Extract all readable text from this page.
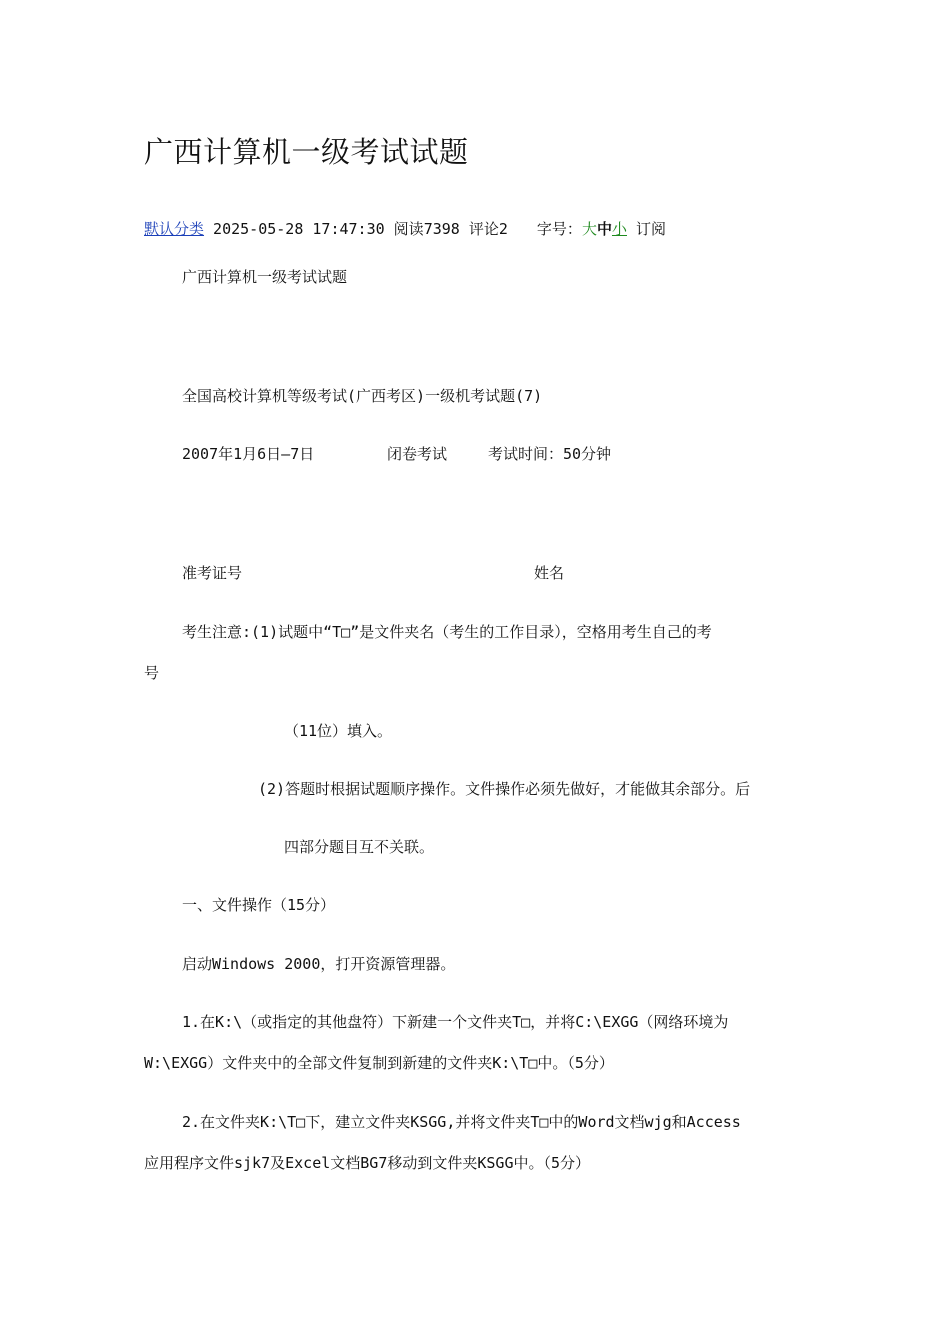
广西计算机一级考试试题
默认分类 2025-05-28 17:47:30 阅读7398 评论2 字号：大中小 订阅
广西计算机一级考试试题
全国高校计算机等级考试(广西考区)一级机考试题(7)
2007年1月6日—7日	闭卷考试	考试时间：50分钟
准考证号	姓名
考生注意:(1)试题中“T□”是文件夹名（考生的工作目录），空格用考生自己的考
号
（11位）填入。
(2)答题时根据试题顺序操作。文件操作必须先做好，才能做其余部分。后
四部分题目互不关联。
一、文件操作（15分）
启动Windows 2000，打开资源管理器。
1.在K:\（或指定的其他盘符）下新建一个文件夹T□，并将C:\EXGG（网络环境为
W:\EXGG）文件夹中的全部文件复制到新建的文件夹K:\T□中。（5分）
2.在文件夹K:\T□下，建立文件夹KSGG,并将文件夹T□中的Word文档wjg和Access
应用程序文件sjk7及Excel文档BG7移动到文件夹KSGG中。（5分）
